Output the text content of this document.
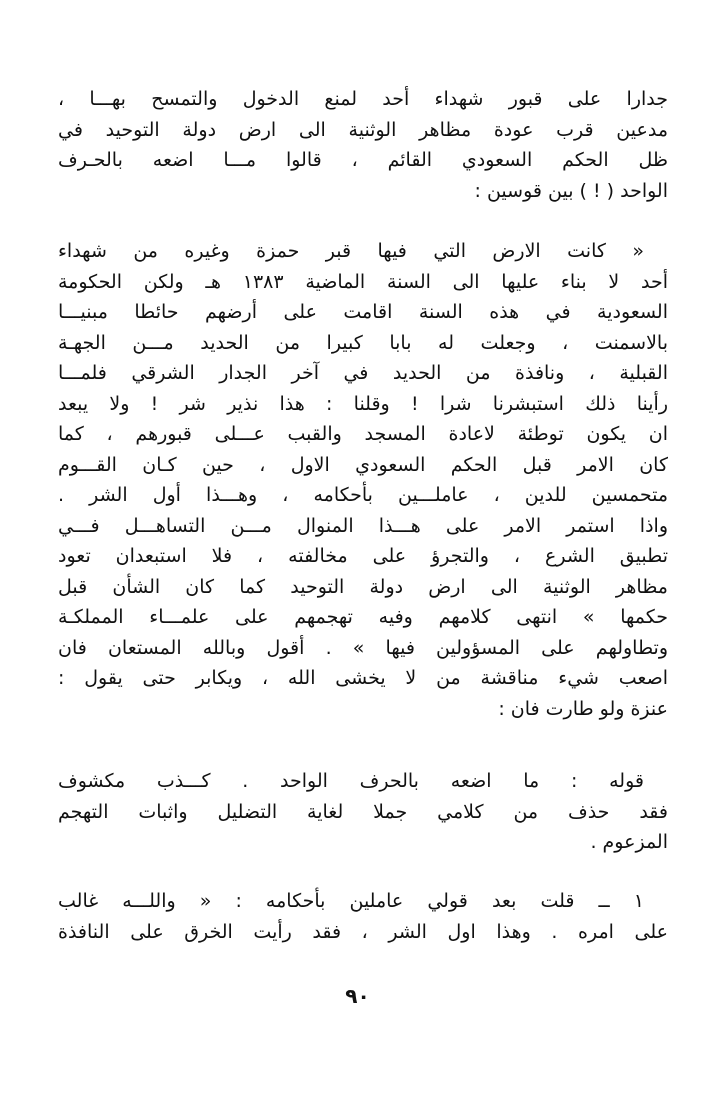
جدارا على قبور شهداء أحد لمنع الدخول والتمسح بهـــا ،
مدعين قرب عودة مظاهر الوثنية الى ارض دولة التوحيد في
ظل الحكم السعودي القائم ، قالوا مـــا اضعه بالحـرف
الواحد ( ! ) بين قوسين :
« كانت الارض التي فيها قبر حمزة وغيره من شهداء
أحد لا بناء عليها الى السنة الماضية ١٣٨٣ هـ ولكن الحكومة
السعودية في هذه السنة اقامت على أرضهم حائطا مبنيـــا
بالاسمنت ، وجعلت له بابا كبيرا من الحديد مـــن الجهـة
القبلية ، ونافذة من الحديد في آخر الجدار الشرقي فلمـــا
رأينا ذلك استبشرنا شرا ! وقلنا : هذا نذير شر ! ولا يبعد
ان يكون توطئة لاعادة المسجد والقبب عـــلى قبورهم ، كما
كان الامر قبل الحكم السعودي الاول ، حين كـان القـــوم
متحمسين للدين ، عاملـــين بأحكامه ، وهـــذا أول الشر .
واذا استمر الامر على هـــذا المنوال مـــن التساهـــل فـــي
تطبيق الشرع ، والتجرؤ على مخالفته ، فلا استبعدان تعود
مظاهر الوثنية الى ارض دولة التوحيد كما كان الشأن قبل
حكمها » انتهى كلامهم وفيه تهجمهم على علمـــاء المملكـة
وتطاولهم على المسؤولين فيها » . أقول وبالله المستعان فان
اصعب شيء مناقشة من لا يخشى الله ، ويكابر حتى يقول :
عنزة ولو طارت فان :
قوله : ما اضعه بالحرف الواحد . كـــذب مكشوف
فقد حذف من كلامي جملا لغاية التضليل واثبات التهجم
المزعوم .
١ ــ قلت بعد قولي عاملين بأحكامه : « واللـــه غالب
على امره . وهذا اول الشر ، فقد رأيت الخرق على النافذة
٩٠
